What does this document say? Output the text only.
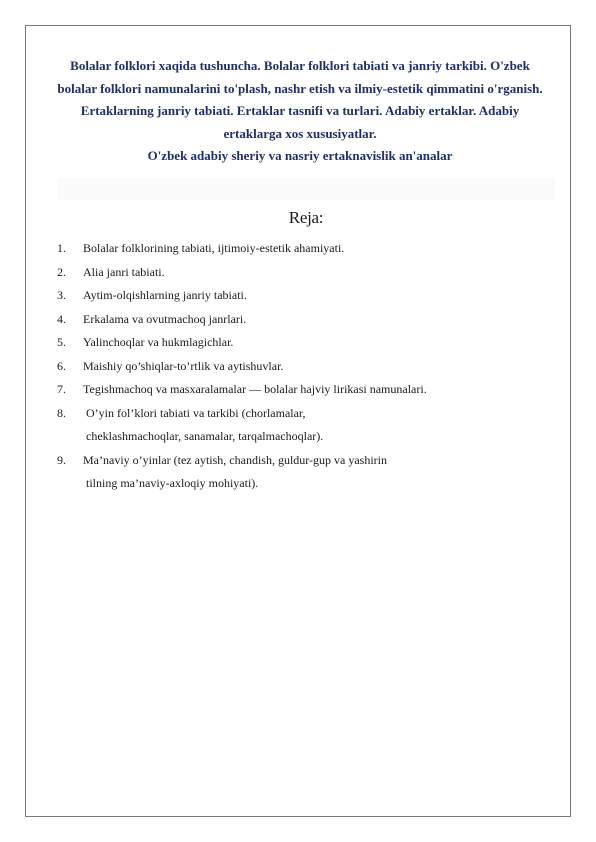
Bolalar folklori xaqida tushuncha. Bolalar folklori tabiati va janriy tarkibi. O'zbek bolalar folklori namunalarini to'plash, nashr etish va ilmiy-estetik qimmatini o'rganish. Ertaklarning janriy tabiati. Ertaklar tasnifi va turlari. Adabiy ertaklar. Adabiy ertaklarga xos xususiyatlar.
O'zbek adabiy sheriy va nasriy ertaknavislik an'analar
Reja:
1.	Bolalar folklorining tabiati, ijtimoiy-estetik ahamiyati.
2.	Alia janri tabiati.
3.	Aytim-olqishlarning janriy tabiati.
4.	Erkalama va ovutmachoq janrlari.
5.	Yalinchoqlar va hukmlagichlar.
6.	Maishiy qo’shiqlar-to’rtlik va aytishuvlar.
7.	Tegishmachoq va masxaralamalar — bolalar hajviy lirikasi namunalari.
8.	O’yin fol’klori tabiati va tarkibi (chorlamalar,
cheklashmachoqlar, sanamalar, tarqalmachoqlar).
9.	Ma’naviy o’yinlar (tez aytish, chandish, guldur-gup va yashirin
tilning ma’naviy-axloqiy mohiyati).
